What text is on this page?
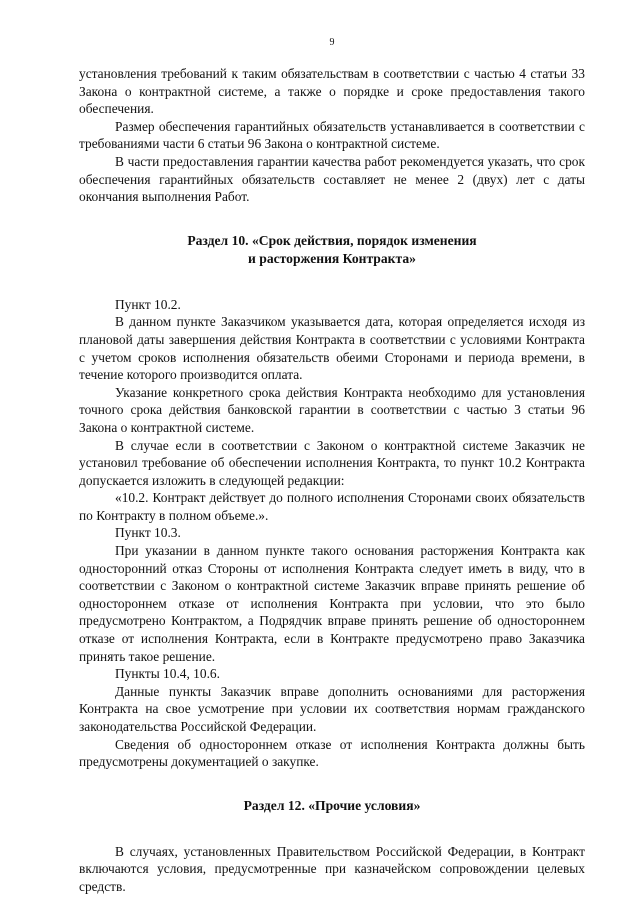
9

установления требований к таким обязательствам в соответствии с частью 4 статьи 33 Закона о контрактной системе, а также о порядке и сроке предоставления такого обеспечения.

Размер обеспечения гарантийных обязательств устанавливается в соответствии с требованиями части 6 статьи 96 Закона о контрактной системе.

В части предоставления гарантии качества работ рекомендуется указать, что срок обеспечения гарантийных обязательств составляет не менее 2 (двух) лет с даты окончания выполнения Работ.

Раздел 10. «Срок действия, порядок изменения
и расторжения Контракта»

Пункт 10.2.

В данном пункте Заказчиком указывается дата, которая определяется исходя из плановой даты завершения действия Контракта в соответствии с условиями Контракта с учетом сроков исполнения обязательств обеими Сторонами и периода времени, в течение которого производится оплата.

Указание конкретного срока действия Контракта необходимо для установления точного срока действия банковской гарантии в соответствии с частью 3 статьи 96 Закона о контрактной системе.

В случае если в соответствии с Законом о контрактной системе Заказчик не установил требование об обеспечении исполнения Контракта, то пункт 10.2 Контракта допускается изложить в следующей редакции:

«10.2. Контракт действует до полного исполнения Сторонами своих обязательств по Контракту в полном объеме.».

Пункт 10.3.

При указании в данном пункте такого основания расторжения Контракта как односторонний отказ Стороны от исполнения Контракта следует иметь в виду, что в соответствии с Законом о контрактной системе Заказчик вправе принять решение об одностороннем отказе от исполнения Контракта при условии, что это было предусмотрено Контрактом, а Подрядчик вправе принять решение об одностороннем отказе от исполнения Контракта, если в Контракте предусмотрено право Заказчика принять такое решение.

Пункты 10.4, 10.6.

Данные пункты Заказчик вправе дополнить основаниями для расторжения Контракта на свое усмотрение при условии их соответствия нормам гражданского законодательства Российской Федерации.

Сведения об одностороннем отказе от исполнения Контракта должны быть предусмотрены документацией о закупке.

Раздел 12. «Прочие условия»

В случаях, установленных Правительством Российской Федерации, в Контракт включаются условия, предусмотренные при казначейском сопровождении целевых средств.
